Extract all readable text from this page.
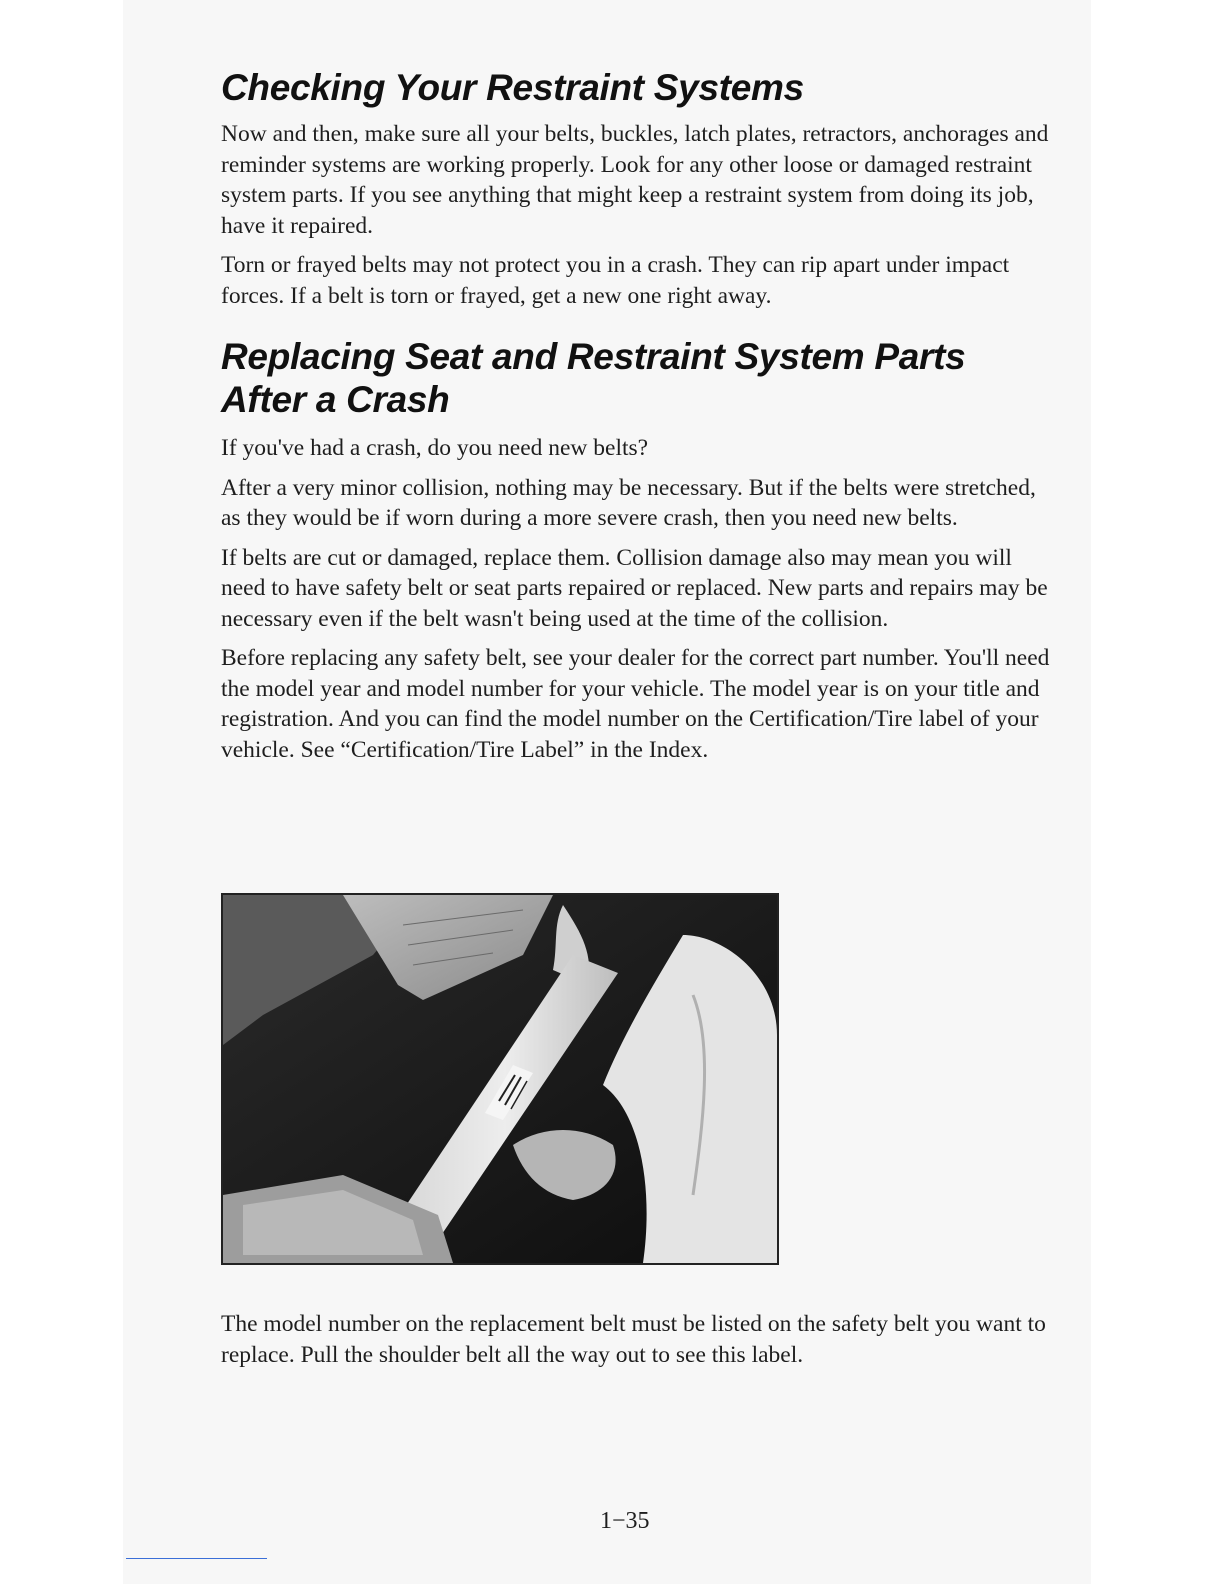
Checking Your Restraint Systems

Now and then, make sure all your belts, buckles, latch plates, retractors, anchorages and reminder systems are working properly. Look for any other loose or damaged restraint system parts. If you see anything that might keep a restraint system from doing its job, have it repaired.

Torn or frayed belts may not protect you in a crash. They can rip apart under impact forces. If a belt is torn or frayed, get a new one right away.

Replacing Seat and Restraint System Parts
After a Crash

If you've had a crash, do you need new belts?

After a very minor collision, nothing may be necessary. But if the belts were stretched, as they would be if worn during a more severe crash, then you need new belts.

If belts are cut or damaged, replace them. Collision damage also may mean you will need to have safety belt or seat parts repaired or replaced. New parts and repairs may be necessary even if the belt wasn't being used at the time of the collision.

Before replacing any safety belt, see your dealer for the correct part number. You'll need the model year and model number for your vehicle. The model year is on your title and registration. And you can find the model number on the Certification/Tire label of your vehicle. See “Certification/Tire Label” in the Index.

The model number on the replacement belt must be listed on the safety belt you want to replace. Pull the shoulder belt all the way out to see this label.

1−35
